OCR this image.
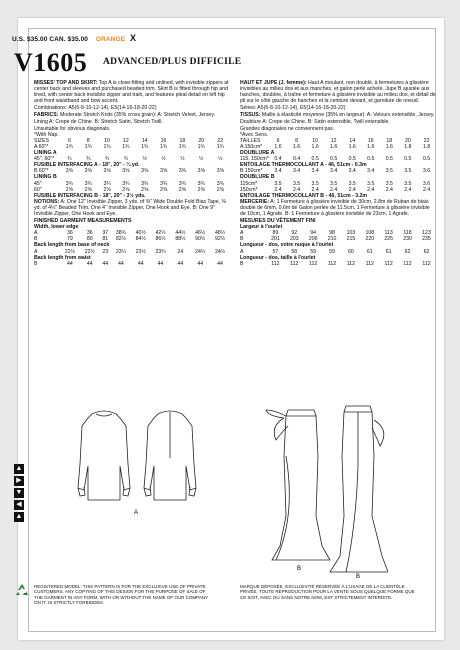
U.S. $35.00 CAN. $35.00 ORANGE X
V1605 ADVANCED/PLUS DIFFICILE
MISSES' TOP AND SKIRT: Top A is close-fitting and unlined, with invisible zippers at center back and sleeves and purchased beaded trim. Skirt B is fitted through hip and lined, with center back invisible zipper and train, and features pleat detail on left hip and front waistband and bow accent.
Combinations: A5(6-8-10-12-14), E5(14-16-18-20-22)
FABRICS: Moderate Stretch Knits (35% cross grain): A: Stretch Velvet, Jersey. Lining A: Crepe de Chine. B: Stretch Satin, Stretch Twill.
Unsuitable for obvious diagonals.
*With Nap.
SIZES	6	8	10	12	14	16	18	20	22
A 60"*	1¾	1¾	1¾	1¾	1¾	1¾	1¾	1¾	1¾
LINING A									
45", 60"*	¾	¾	¾	¾	½	½	½	½	½
FUSIBLE INTERFACING A - 18", 20" - ¼ yd.									
B 60"*	3⅝	3⅝	3⅝	3⅝	3⅝	3⅝	3⅝	3⅝	3⅝
LINING B									
45"	3¾	3¾	3¾	3¾	3¾	3¾	3¾	3¾	3¾
60"	2⅝	2⅝	2⅝	2⅝	2⅝	2⅝	2⅝	2⅝	2⅝
FUSIBLE INTERFACING B - 18", 20" - 3½ yds.									
NOTIONS: A: One 12" Invisible Zipper, 3 yds. of ⅜" Wide Double Fold Bias Tape, ⅜ yd. of 4½" Beaded Trim, One 4" Invisible Zipper, One Hook and Eye. B: One 9" Invisible Zipper, One Hook and Eye.
FINISHED GARMENT MEASUREMENTS
Width, lower edge
A	36	36	37	38¾	40½	42½	44½	46½	48½
B	79	80	81	82½	84½	86½	88½	90½	92½
Back length from base of neck									
A	22½	22½	23	23¼	23½	23¾	24	24¼	24½
Back length from waist									
B	44	44	44	44	44	44	44	44	44
HAUT ET JUPE (J. femme): Haut A moulant, non doublé, à fermetures à glissière invisibles au milieu dos et aux manches, et galon perlé acheté. Jupe B ajustée aux hanches, doublée, à traîne et fermeture à glissière invisible au milieu dos, et détail de pli sur le côté gauche de hanches et la ceinture devant, et garniture de noeud.
Séries: A5(6-8-10-12-14), E5(14-16-18-20-22)
TISSUS: Maille à élasticité moyenne (35% en largeur): A: Velours extensible, Jersey. Doublure A: Crepe de Chine. B: Satin extensible, Twill extensible.
Grandes diagonales ne conviennent pas.
*Avec Sens.
TAILLES	6	8	10	12	14	16	18	20	22
A 150cm*	1.6	1.6	1.6	1.6	1.6	1.6	1.6	1.8	1.8
DOUBLURE A									
115, 150cm*	0.4	0.4	0.5	0.5	0.5	0.5	0.5	0.5	0.5
ENTOILAGE THERMOCOLLANT A - 46, 51cm - 0.3m									
B 150cm*	3.4	3.4	3.4	3.4	3.4	3.4	3.5	3.5	3.6
DOUBLURE B									
115cm*	3.5	3.5	3.5	3.5	3.5	3.5	3.5	3.5	3.6
150cm*	2.4	2.4	2.4	2.4	2.4	2.4	2.4	2.4	2.4
ENTOILAGE THERMOCOLLANT B - 46, 51cm - 3.2m									
MERCERIE: A: 1 Fermeture à glissière invisible de 30cm, 2.8m de Ruban de biais double de 6mm, 0.6m de Galon perlée de 11.5cm, 1 Fermeture à glissière invisible de 10cm, 1 Agrafe. B: 1 Fermeture à glissière invisible de 23cm, 1 Agrafe.
MESURES DU VÊTEMENT FINI
Largeur à l'ourlet
A	89	92	94	98	103	108	113	118	123
B	201	203	206	210	215	220	225	230	235
Longueur - dos, votre nuque à l'ourlet									
A	57	58	59	59	60	61	61	62	62
Longueur - dos, taille à l'ourlet									
B	112	112	112	112	112	112	112	112	112
A
B
B
▲
▶
▼
◀
▲
REGISTERED MODEL: THIS PATTERN IS FOR THE EXCLUSIVE USE OF PRIVATE CUSTOMERS. ANY COPYING OF THIS DESIGN FOR THE PURPOSE OF SALE OF THE GARMENT IN ANY FORM, WITH OR WITHOUT THE NAME OF OUR COMPANY ON IT, IS STRICTLY FORBIDDEN.
MARQUE DÉPOSÉE. EXCLUSIVITÉ RÉSERVÉE À L'USAGE DE LA CLIENTÈLE PRIVÉE. TOUTE REPRODUCTION POUR LA VENTE SOUS QUELQUE FORME QUE CE SOIT, AVEC OU SANS NOTRE NOM, EST STRICTEMENT INTERDITE.
